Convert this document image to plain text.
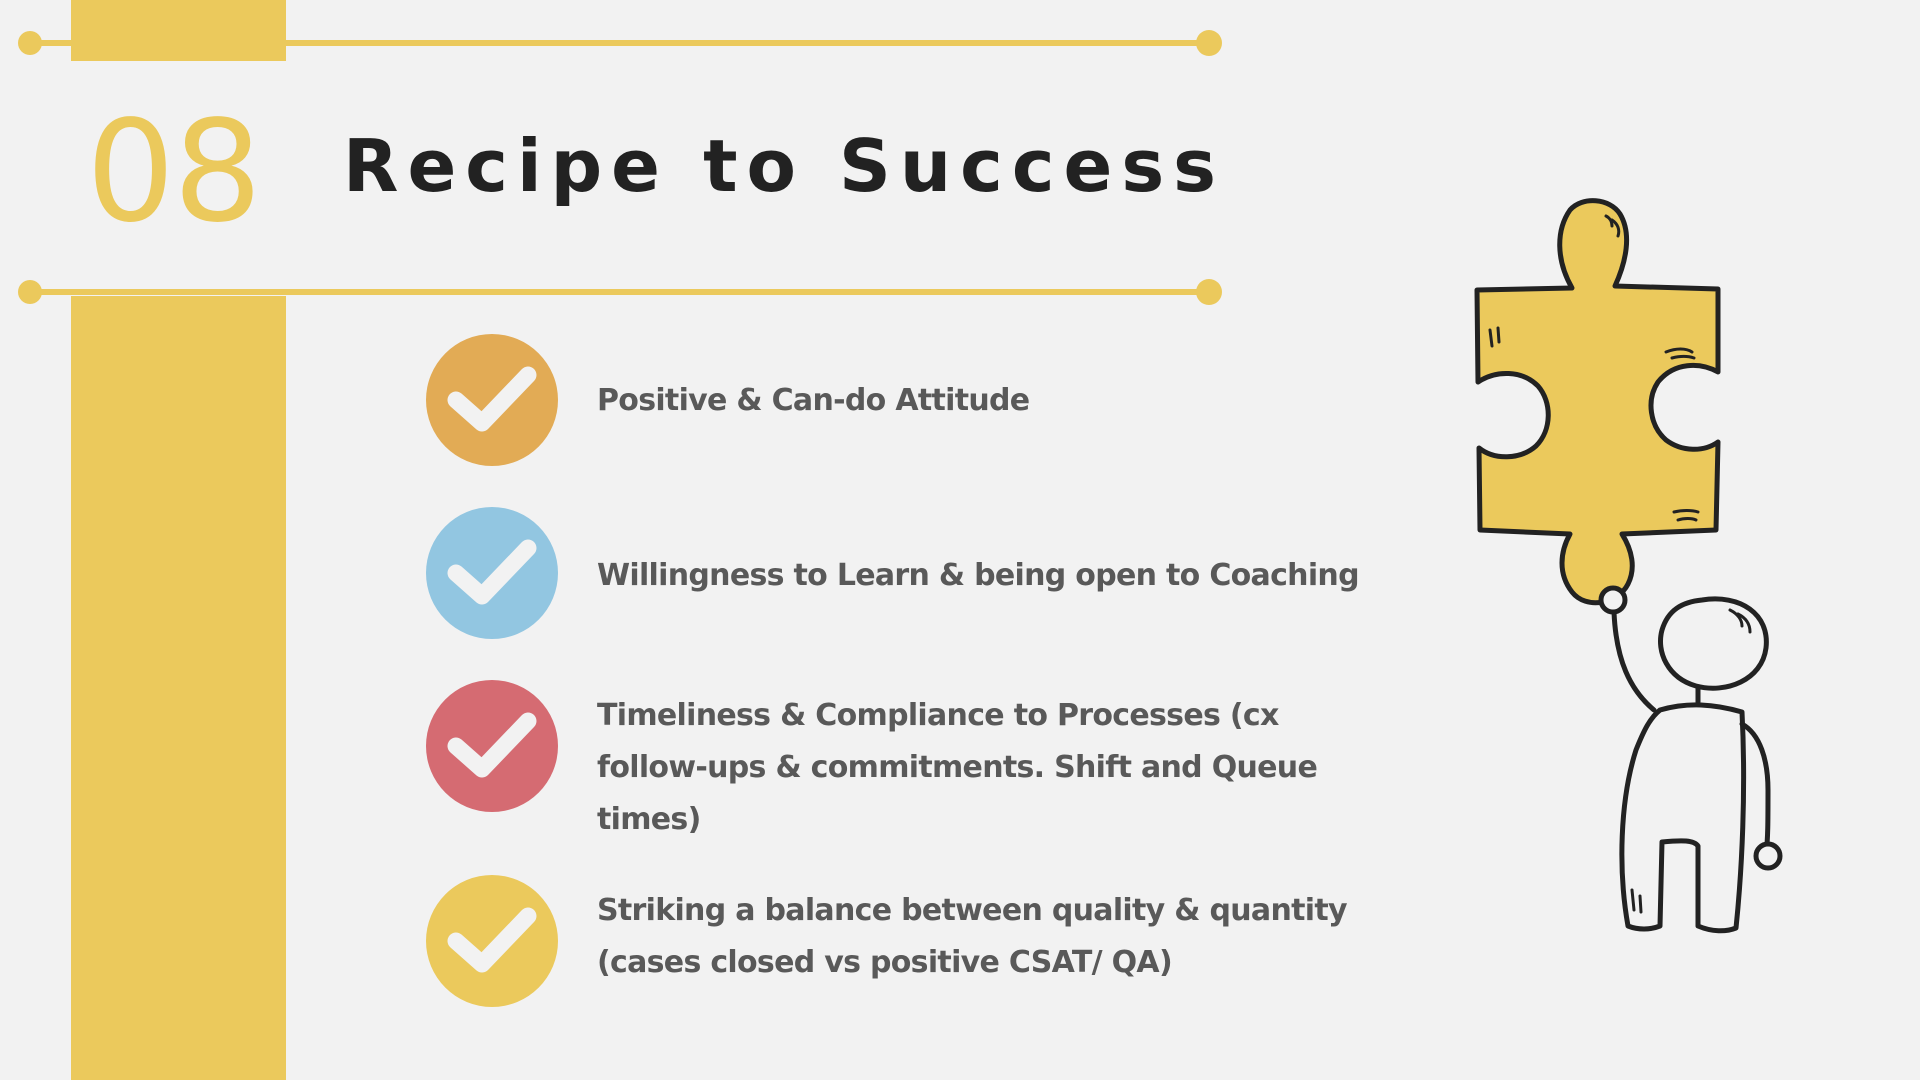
08 Recipe to Success
Positive & Can-do Attitude
Willingness to Learn & being open to Coaching
Timeliness & Compliance to Processes (cx follow-ups & commitments. Shift and Queue times)
Striking a balance between quality & quantity (cases closed vs positive CSAT/ QA)
